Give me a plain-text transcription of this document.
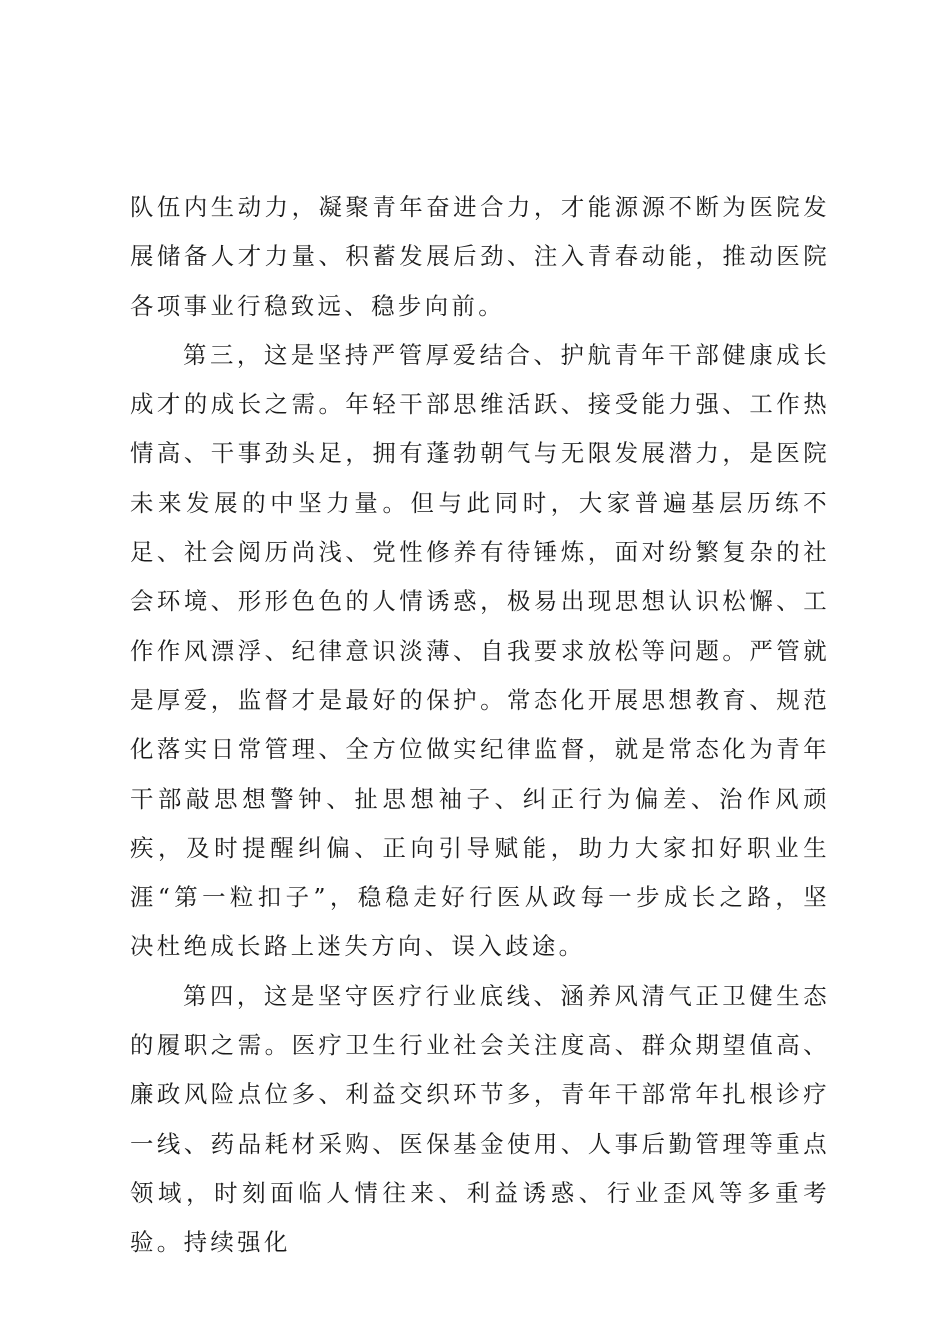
队伍内生动力，凝聚青年奋进合力，才能源源不断为医院发展储备人才力量、积蓄发展后劲、注入青春动能，推动医院各项事业行稳致远、稳步向前。

第三，这是坚持严管厚爱结合、护航青年干部健康成长成才的成长之需。年轻干部思维活跃、接受能力强、工作热情高、干事劲头足，拥有蓬勃朝气与无限发展潜力，是医院未来发展的中坚力量。但与此同时，大家普遍基层历练不足、社会阅历尚浅、党性修养有待锤炼，面对纷繁复杂的社会环境、形形色色的人情诱惑，极易出现思想认识松懈、工作作风漂浮、纪律意识淡薄、自我要求放松等问题。严管就是厚爱，监督才是最好的保护。常态化开展思想教育、规范化落实日常管理、全方位做实纪律监督，就是常态化为青年干部敲思想警钟、扯思想袖子、纠正行为偏差、治作风顽疾，及时提醒纠偏、正向引导赋能，助力大家扣好职业生涯“第一粒扣子”，稳稳走好行医从政每一步成长之路，坚决杜绝成长路上迷失方向、误入歧途。

第四，这是坚守医疗行业底线、涵养风清气正卫健生态的履职之需。医疗卫生行业社会关注度高、群众期望值高、廉政风险点位多、利益交织环节多，青年干部常年扎根诊疗一线、药品耗材采购、医保基金使用、人事后勤管理等重点领域，时刻面临人情往来、利益诱惑、行业歪风等多重考验。持续强化
